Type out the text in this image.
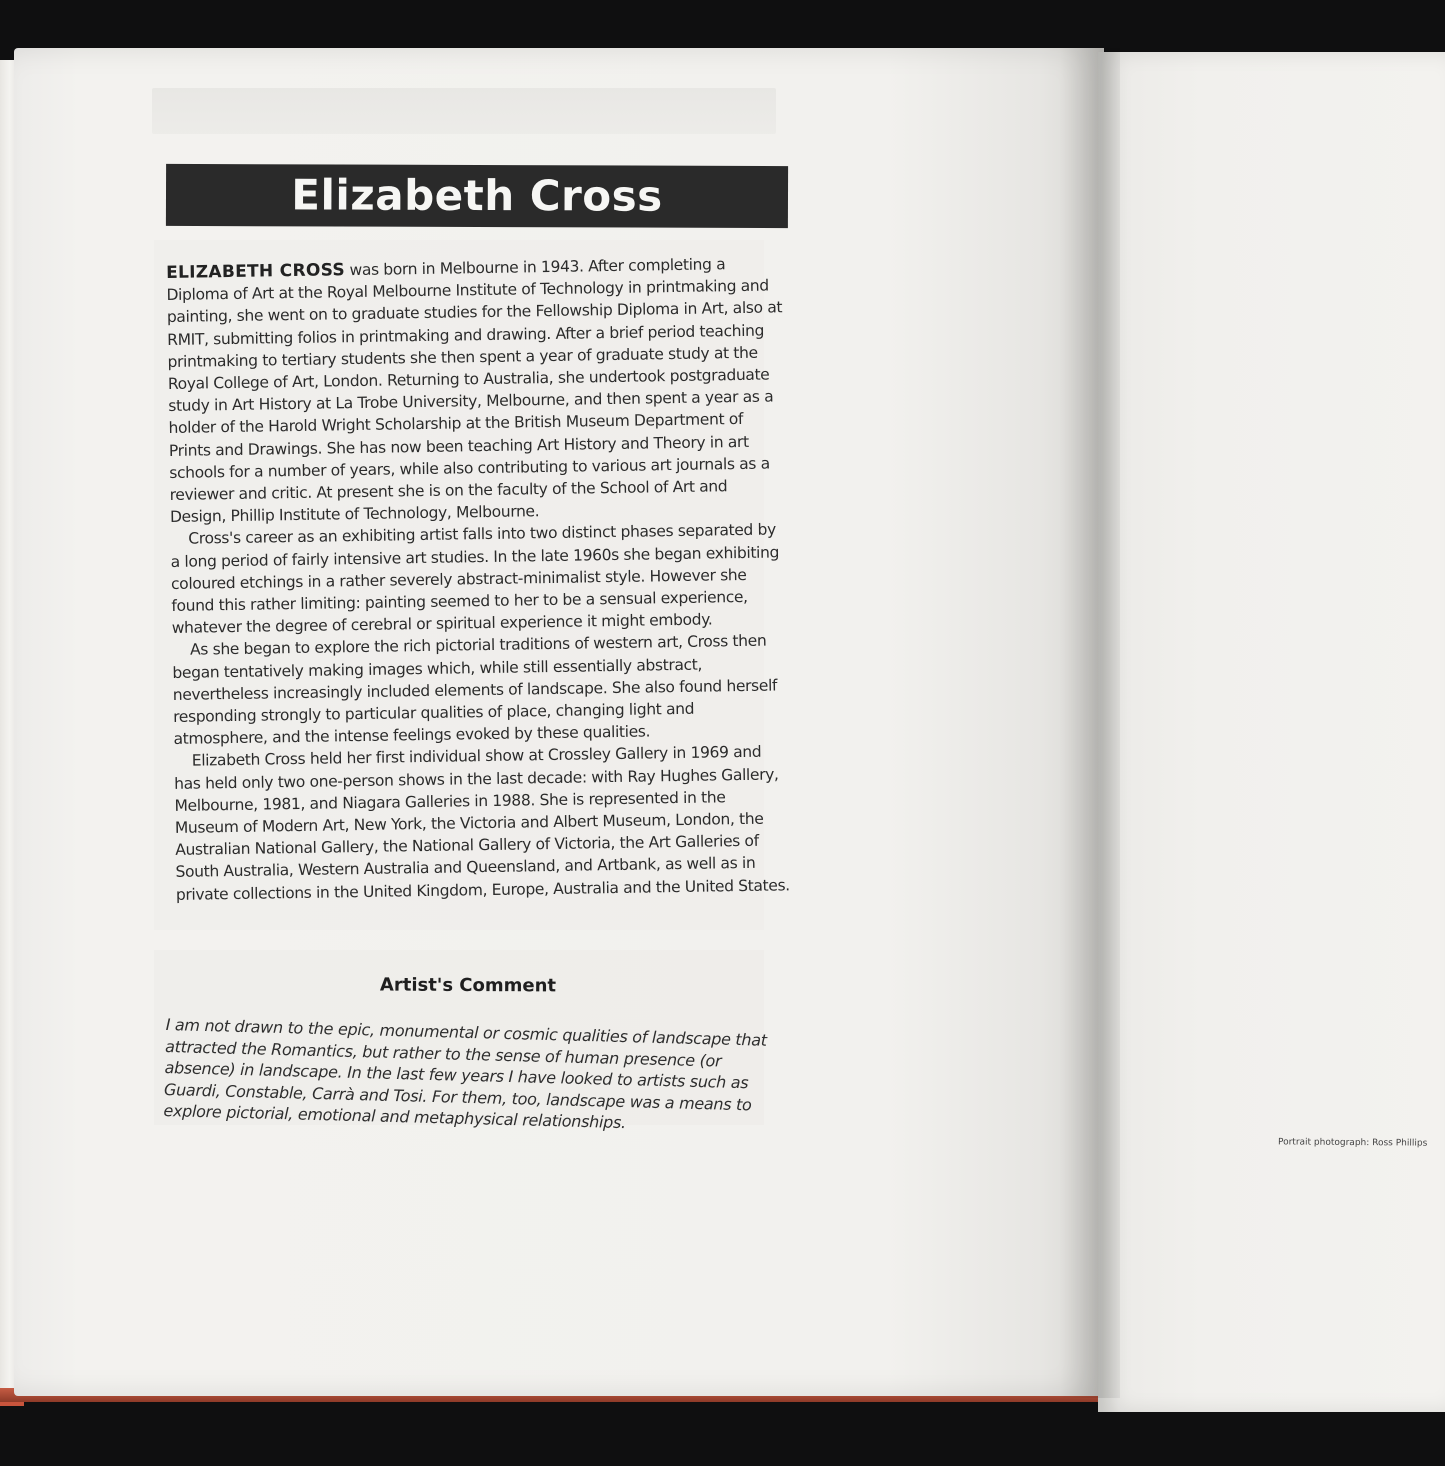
Elizabeth Cross

ELIZABETH CROSS was born in Melbourne in 1943. After completing a Diploma of Art at the Royal Melbourne Institute of Technology in printmaking and painting, she went on to graduate studies for the Fellowship Diploma in Art, also at RMIT, submitting folios in printmaking and drawing. After a brief period teaching printmaking to tertiary students she then spent a year of graduate study at the Royal College of Art, London. Returning to Australia, she undertook postgraduate study in Art History at La Trobe University, Melbourne, and then spent a year as a holder of the Harold Wright Scholarship at the British Museum Department of Prints and Drawings. She has now been teaching Art History and Theory in art schools for a number of years, while also contributing to various art journals as a reviewer and critic. At present she is on the faculty of the School of Art and Design, Phillip Institute of Technology, Melbourne.

Cross's career as an exhibiting artist falls into two distinct phases separated by a long period of fairly intensive art studies. In the late 1960s she began exhibiting coloured etchings in a rather severely abstract-minimalist style. However she found this rather limiting: painting seemed to her to be a sensual experience, whatever the degree of cerebral or spiritual experience it might embody.

As she began to explore the rich pictorial traditions of western art, Cross then began tentatively making images which, while still essentially abstract, nevertheless increasingly included elements of landscape. She also found herself responding strongly to particular qualities of place, changing light and atmosphere, and the intense feelings evoked by these qualities.

Elizabeth Cross held her first individual show at Crossley Gallery in 1969 and has held only two one-person shows in the last decade: with Ray Hughes Gallery, Melbourne, 1981, and Niagara Galleries in 1988. She is represented in the Museum of Modern Art, New York, the Victoria and Albert Museum, London, the Australian National Gallery, the National Gallery of Victoria, the Art Galleries of South Australia, Western Australia and Queensland, and Artbank, as well as in private collections in the United Kingdom, Europe, Australia and the United States.

Artist's Comment
I am not drawn to the epic, monumental or cosmic qualities of landscape that attracted the Romantics, but rather to the sense of human presence (or absence) in landscape. In the last few years I have looked to artists such as Guardi, Constable, Carrà and Tosi. For them, too, landscape was a means to explore pictorial, emotional and metaphysical relationships.
Portrait photograph: Ross Phillips
